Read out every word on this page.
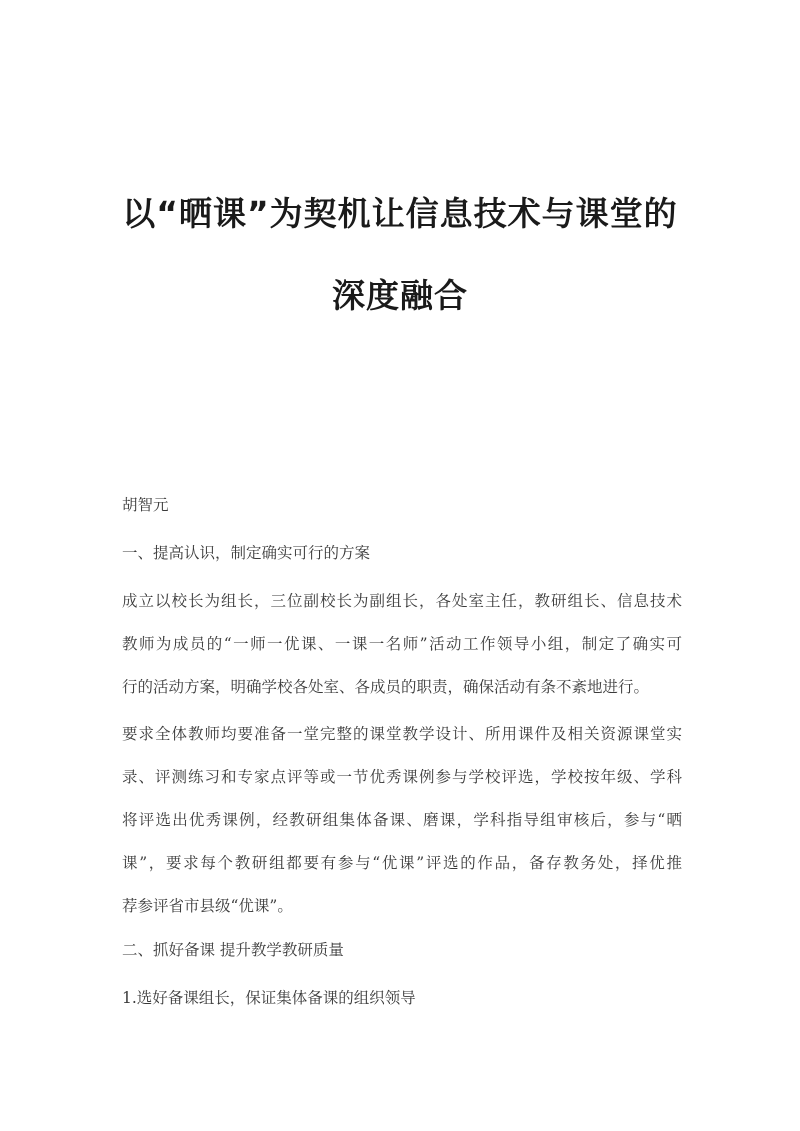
以“晒课”为契机让信息技术与课堂的
深度融合
胡智元
一、提高认识，制定确实可行的方案
成立以校长为组长，三位副校长为副组长，各处室主任，教研组长、信息技术
教师为成员的“一师一优课、一课一名师”活动工作领导小组，制定了确实可
行的活动方案，明确学校各处室、各成员的职责，确保活动有条不紊地进行。
要求全体教师均要准备一堂完整的课堂教学设计、所用课件及相关资源课堂实
录、评测练习和专家点评等或一节优秀课例参与学校评选，学校按年级、学科
将评选出优秀课例，经教研组集体备课、磨课，学科指导组审核后，参与“晒
课”，要求每个教研组都要有参与“优课”评选的作品，备存教务处，择优推
荐参评省市县级“优课”。
二、抓好备课 提升教学教研质量
1.选好备课组长，保证集体备课的组织领导
